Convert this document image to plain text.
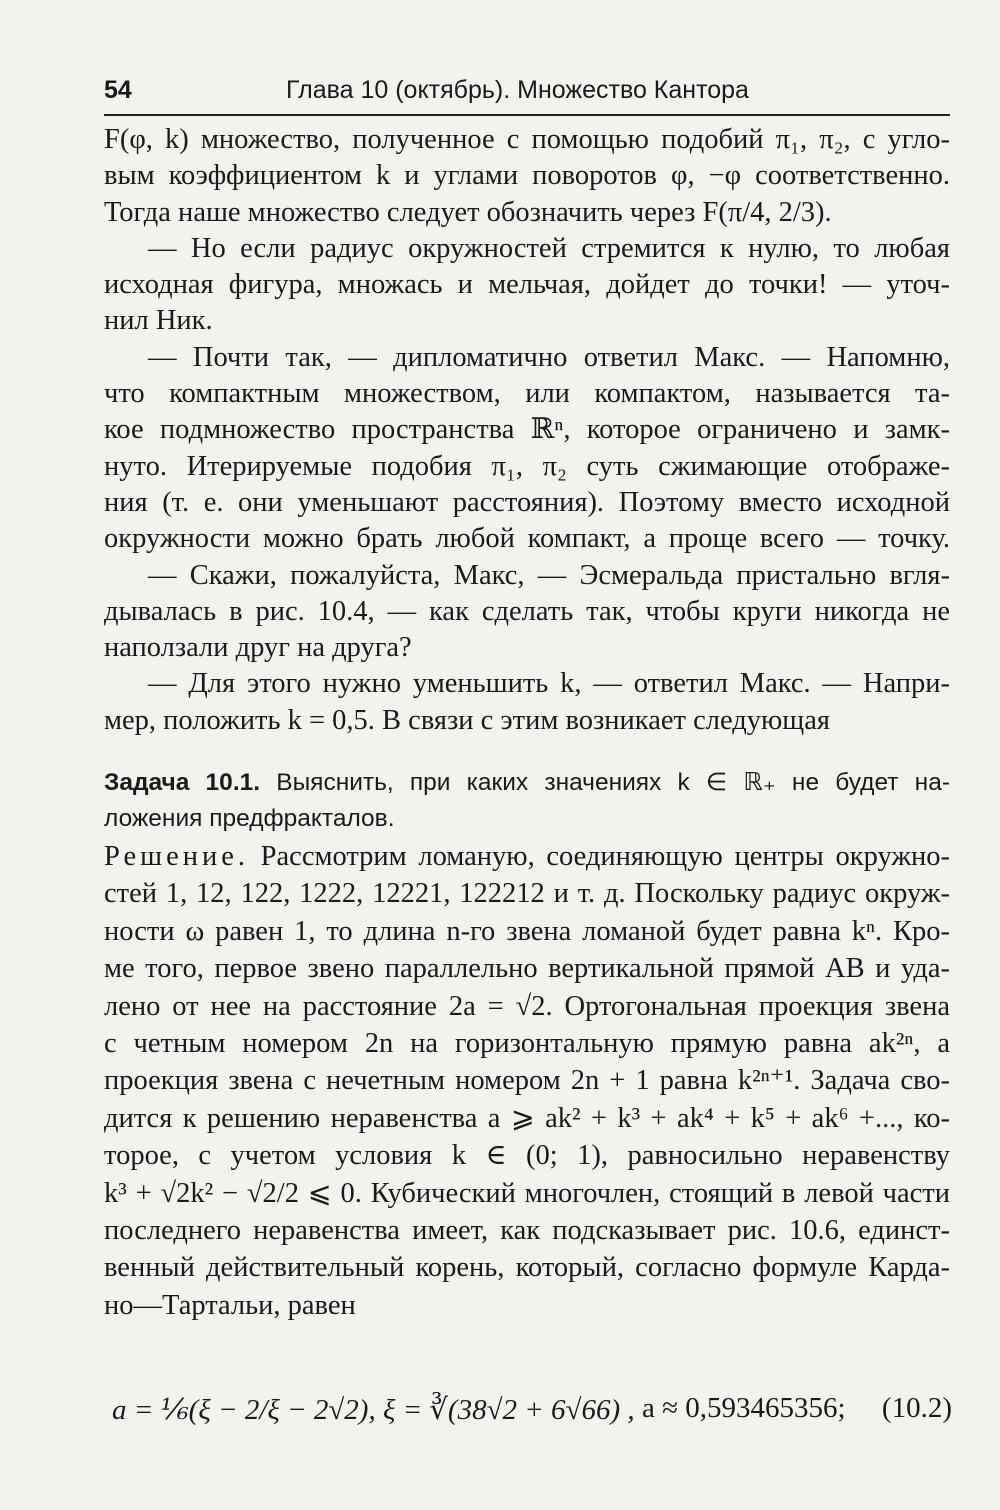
54	Глава 10 (октябрь). Множество Кантора

F(φ, k) множество, полученное с помощью подобий π₁, π₂, с угло-
вым коэффициентом k и углами поворотов φ, −φ соответственно.
Тогда наше множество следует обозначить через F(π/4, 2/3).

— Но если радиус окружностей стремится к нулю, то любая
исходная фигура, множась и мельчая, дойдет до точки! — уточ-
нил Ник.

— Почти так, — дипломатично ответил Макс. — Напомню,
что компактным множеством, или компактом, называется та-
кое подмножество пространства ℝⁿ, которое ограничено и замк-
нуто. Итерируемые подобия π₁, π₂ суть сжимающие отображе-
ния (т. е. они уменьшают расстояния). Поэтому вместо исходной
окружности можно брать любой компакт, а проще всего — точку.

— Скажи, пожалуйста, Макс, — Эсмеральда пристально вгля-
дывалась в рис. 10.4, — как сделать так, чтобы круги никогда не
наползали друг на друга?

— Для этого нужно уменьшить k, — ответил Макс. — Напри-
мер, положить k = 0,5. В связи с этим возникает следующая

Задача 10.1. Выяснить, при каких значениях k ∈ ℝ₊ не будет на-
ложения предфракталов.
Решение. Рассмотрим ломаную, соединяющую центры окружно-
стей 1, 12, 122, 1222, 12221, 122212 и т. д. Поскольку радиус окруж-
ности ω равен 1, то длина n-го звена ломаной будет равна kⁿ. Кро-
ме того, первое звено параллельно вертикальной прямой AB и уда-
лено от нее на расстояние 2a = √2. Ортогональная проекция звена
с четным номером 2n на горизонтальную прямую равна ak²ⁿ, а
проекция звена с нечетным номером 2n + 1 равна k²ⁿ⁺¹. Задача сво-
дится к решению неравенства a ⩾ ak² + k³ + ak⁴ + k⁵ + ak⁶ +..., ко-
торое, с учетом условия k ∈ (0; 1), равносильно неравенству
k³ + √2k² − √2/2 ⩽ 0. Кубический многочлен, стоящий в левой части
последнего неравенства имеет, как подсказывает рис. 10.6, единст-
венный действительный корень, который, согласно формуле Карда-
но—Тартальи, равен
a = ⅙(ξ − 2/ξ − 2√2), ξ = ∛(38√2 + 6√66) , a ≈ 0,593465356; (10.2)
